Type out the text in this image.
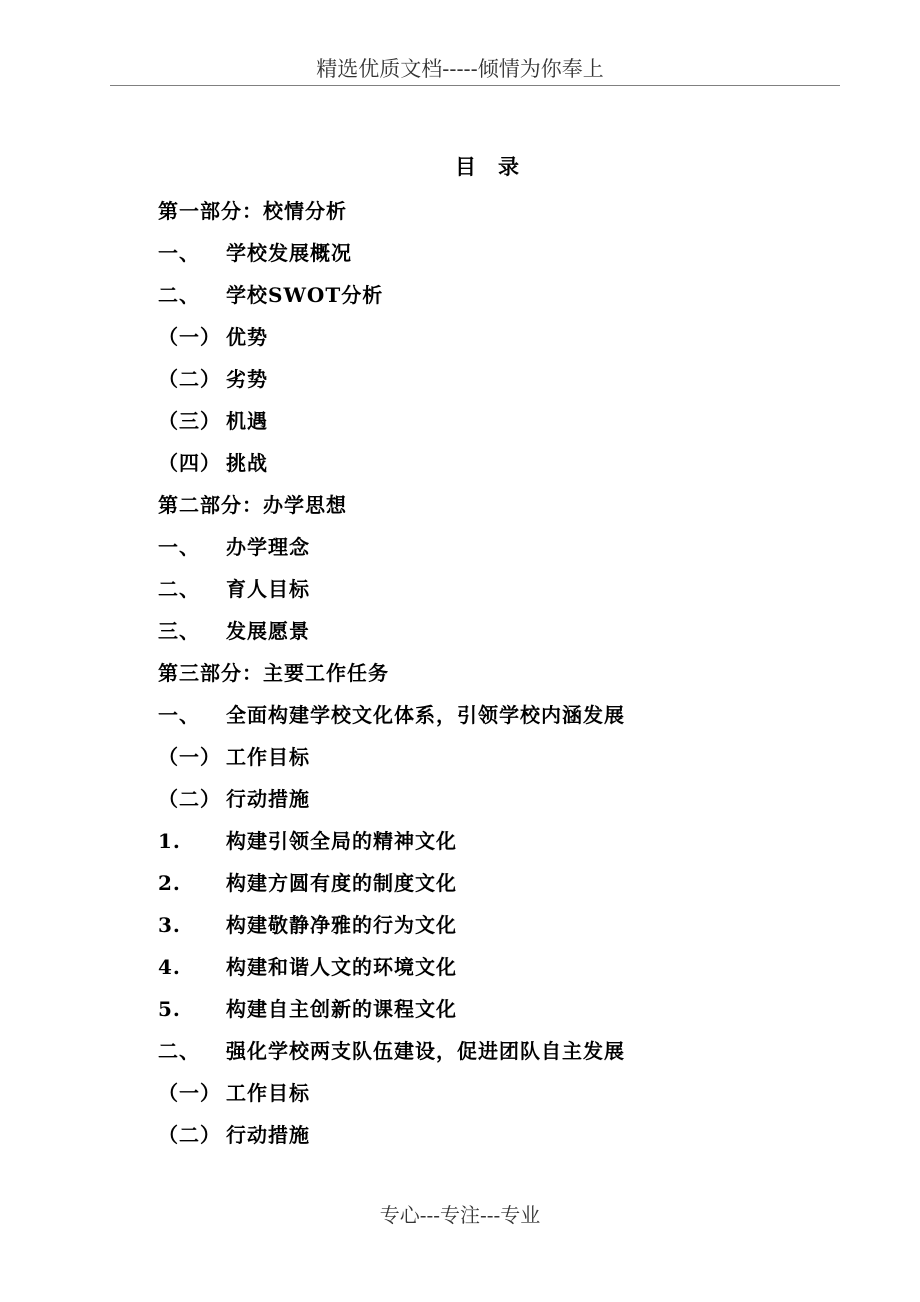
精选优质文档-----倾情为你奉上
目录
第一部分：校情分析
一、 学校发展概况
二、 学校SWOT分析
（一） 优势
（二） 劣势
（三） 机遇
（四） 挑战
第二部分：办学思想
一、 办学理念
二、 育人目标
三、 发展愿景
第三部分：主要工作任务
一、 全面构建学校文化体系，引领学校内涵发展
（一） 工作目标
（二） 行动措施
1. 构建引领全局的精神文化
2. 构建方圆有度的制度文化
3. 构建敬静净雅的行为文化
4. 构建和谐人文的环境文化
5. 构建自主创新的课程文化
二、 强化学校两支队伍建设，促进团队自主发展
（一） 工作目标
（二） 行动措施
专心---专注---专业
